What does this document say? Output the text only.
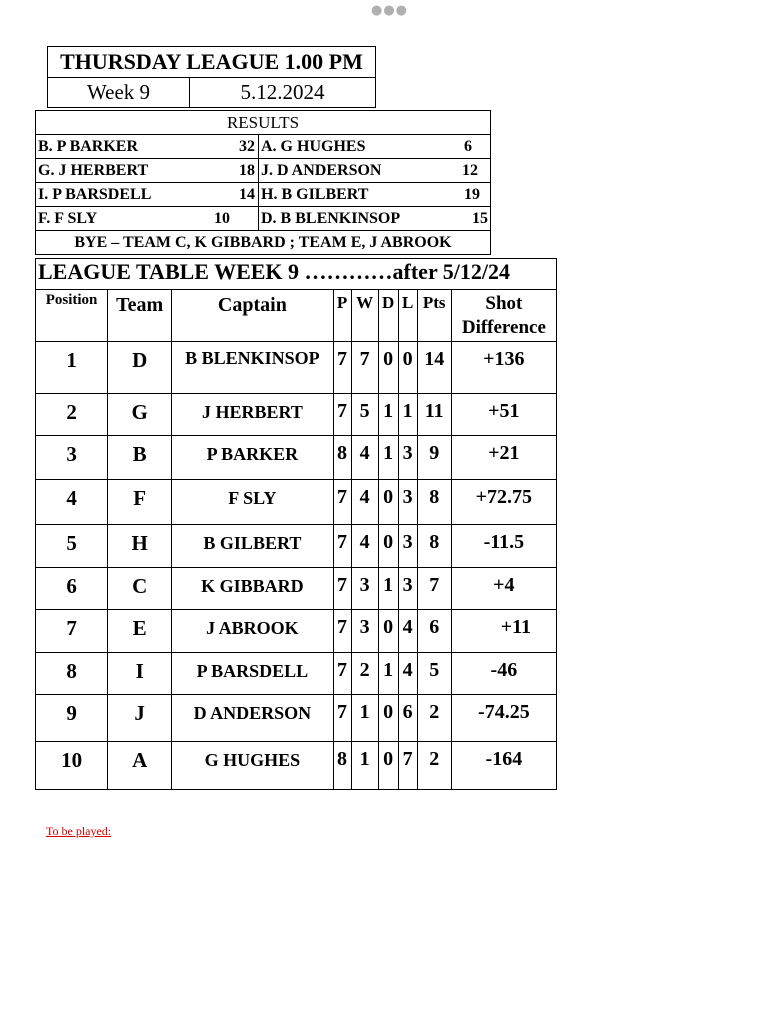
●●●
THURSDAY LEAGUE 1.00 PM
Week 9	5.12.2024
RESULTS	
B. P BARKER 32	A. G HUGHES 6

G. J HERBERT 18	J. D ANDERSON 12

I. P BARSDELL 14	H. B GILBERT 19

F. F SLY 10	D. B BLENKINSOP 15

BYE – TEAM C, K GIBBARD ; TEAM E, J ABROOK	
LEAGUE TABLE WEEK 9 …………after 5/12/24								
Position	Team	Captain	P	W	D	L	Pts	Shot Difference
1	D	B BLENKINSOP	7	7	0	0	14	+136
2	G	J HERBERT	7	5	1	1	11	+51
3	B	P BARKER	8	4	1	3	9	+21
4	F	F SLY	7	4	0	3	8	+72.75
5	H	B GILBERT	7	4	0	3	8	-11.5
6	C	K GIBBARD	7	3	1	3	7	+4
7	E	J ABROOK	7	3	0	4	6	+11
8	I	P BARSDELL	7	2	1	4	5	-46
9	J	D ANDERSON	7	1	0	6	2	-74.25
10	A	G HUGHES	8	1	0	7	2	-164
To be played:
